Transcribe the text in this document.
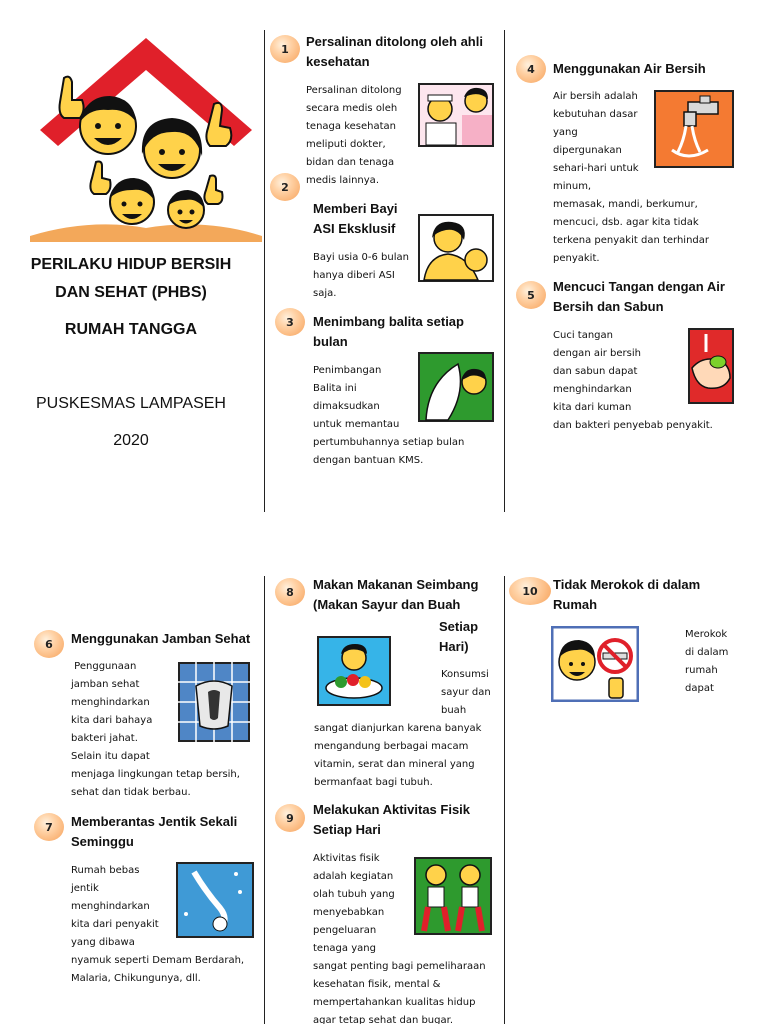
PERILAKU HIDUP BERSIH
DAN SEHAT (PHBS)
RUMAH TANGGA
PUSKESMAS LAMPASEH
2020
1	Persalinan ditolong oleh ahli
kesehatan
Persalinan ditolong
secara medis oleh
tenaga kesehatan
meliputi dokter,
bidan dan tenaga
medis lainnya.
2
Memberi Bayi
ASI Eksklusif
Bayi usia 0-6 bulan
hanya diberi ASI
saja.
3	Menimbang balita setiap
bulan
Penimbangan
Balita ini
dimaksudkan
untuk memantau
pertumbuhannya setiap bulan
dengan bantuan KMS.
4	Menggunakan Air Bersih
Air bersih adalah
kebutuhan dasar
yang
dipergunakan
sehari-hari untuk
minum,
memasak, mandi, berkumur,
mencuci, dsb. agar kita tidak
terkena penyakit dan terhindar
penyakit.
5
Mencuci Tangan dengan Air
Bersih dan Sabun
Cuci tangan
dengan air bersih
dan sabun dapat
menghindarkan
kita dari kuman
dan bakteri penyebab penyakit.
6	Menggunakan Jamban Sehat
Penggunaan
jamban sehat
menghindarkan
kita dari bahaya
bakteri jahat.
Selain itu dapat
menjaga lingkungan tetap bersih,
sehat dan tidak berbau.
7	Memberantas Jentik Sekali
Seminggu
Rumah bebas
jentik
menghindarkan
kita dari penyakit
yang dibawa
nyamuk seperti Demam Berdarah,
Malaria, Chikungunya, dll.
8	Makan Makanan Seimbang
(Makan Sayur dan Buah
Setiap
Hari)
Konsumsi
sayur dan
buah
sangat dianjurkan karena banyak
mengandung berbagai macam
vitamin, serat dan mineral yang
bermanfaat bagi tubuh.
9
Melakukan Aktivitas Fisik
Setiap Hari
Aktivitas fisik
adalah kegiatan
olah tubuh yang
menyebabkan
pengeluaran
tenaga yang
sangat penting bagi pemeliharaan
kesehatan fisik, mental &
mempertahankan kualitas hidup
agar tetap sehat dan bugar.
10	Tidak Merokok di dalam
Rumah
Merokok
di dalam
rumah
dapat
